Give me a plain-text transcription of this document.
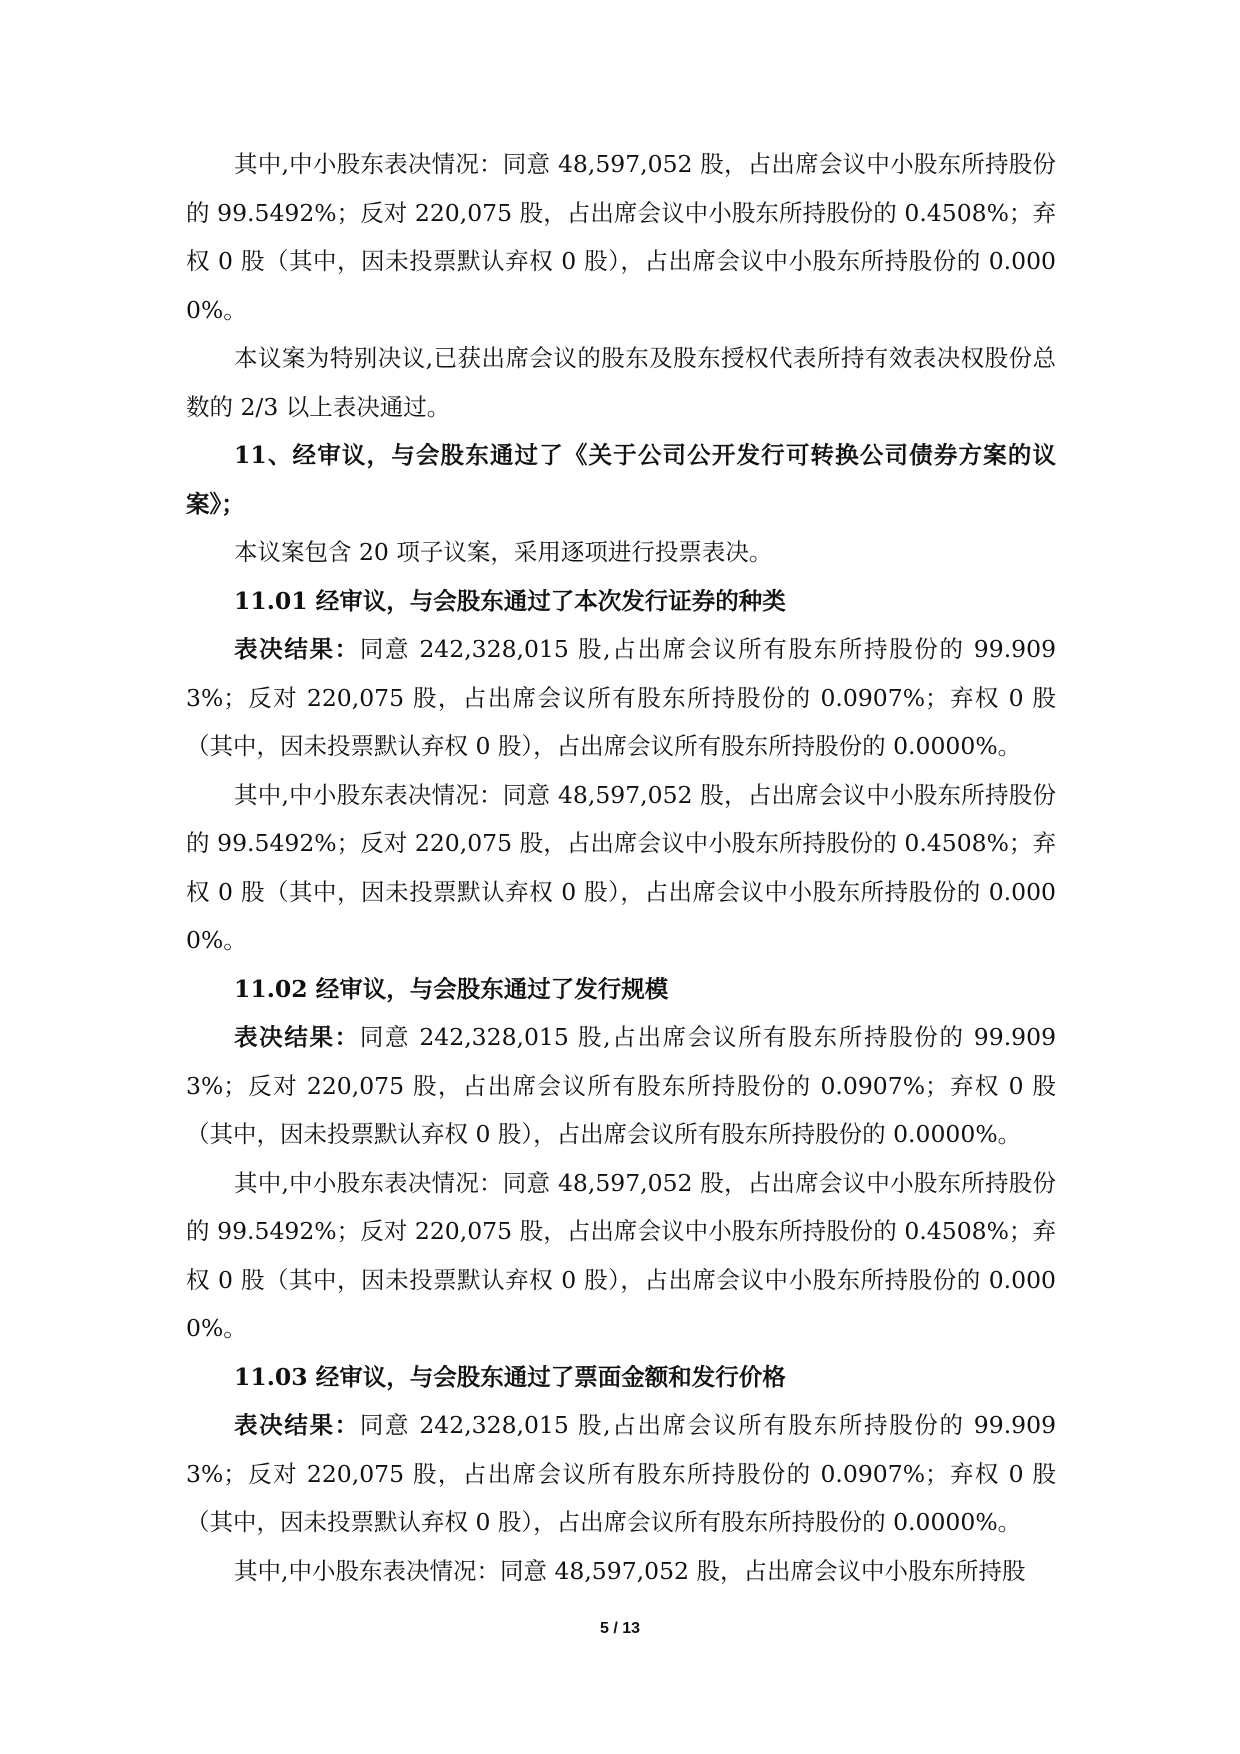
其中,中小股东表决情况：同意 48,597,052 股，占出席会议中小股东所持股份的 99.5492%；反对 220,075 股，占出席会议中小股东所持股份的 0.4508%；弃权 0 股（其中，因未投票默认弃权 0 股），占出席会议中小股东所持股份的 0.0000%。

本议案为特别决议,已获出席会议的股东及股东授权代表所持有效表决权股份总数的 2/3 以上表决通过。

11、经审议，与会股东通过了《关于公司公开发行可转换公司债券方案的议案》；

本议案包含 20 项子议案，采用逐项进行投票表决。

11.01 经审议，与会股东通过了本次发行证券的种类

表决结果：同意 242,328,015 股,占出席会议所有股东所持股份的 99.9093%；反对 220,075 股，占出席会议所有股东所持股份的 0.0907%；弃权 0 股（其中，因未投票默认弃权 0 股），占出席会议所有股东所持股份的 0.0000%。

其中,中小股东表决情况：同意 48,597,052 股，占出席会议中小股东所持股份的 99.5492%；反对 220,075 股，占出席会议中小股东所持股份的 0.4508%；弃权 0 股（其中，因未投票默认弃权 0 股），占出席会议中小股东所持股份的 0.0000%。

11.02 经审议，与会股东通过了发行规模

表决结果：同意 242,328,015 股,占出席会议所有股东所持股份的 99.9093%；反对 220,075 股，占出席会议所有股东所持股份的 0.0907%；弃权 0 股（其中，因未投票默认弃权 0 股），占出席会议所有股东所持股份的 0.0000%。

其中,中小股东表决情况：同意 48,597,052 股，占出席会议中小股东所持股份的 99.5492%；反对 220,075 股，占出席会议中小股东所持股份的 0.4508%；弃权 0 股（其中，因未投票默认弃权 0 股），占出席会议中小股东所持股份的 0.0000%。

11.03 经审议，与会股东通过了票面金额和发行价格

表决结果：同意 242,328,015 股,占出席会议所有股东所持股份的 99.9093%；反对 220,075 股，占出席会议所有股东所持股份的 0.0907%；弃权 0 股（其中，因未投票默认弃权 0 股），占出席会议所有股东所持股份的 0.0000%。

其中,中小股东表决情况：同意 48,597,052 股，占出席会议中小股东所持股

5 / 13
